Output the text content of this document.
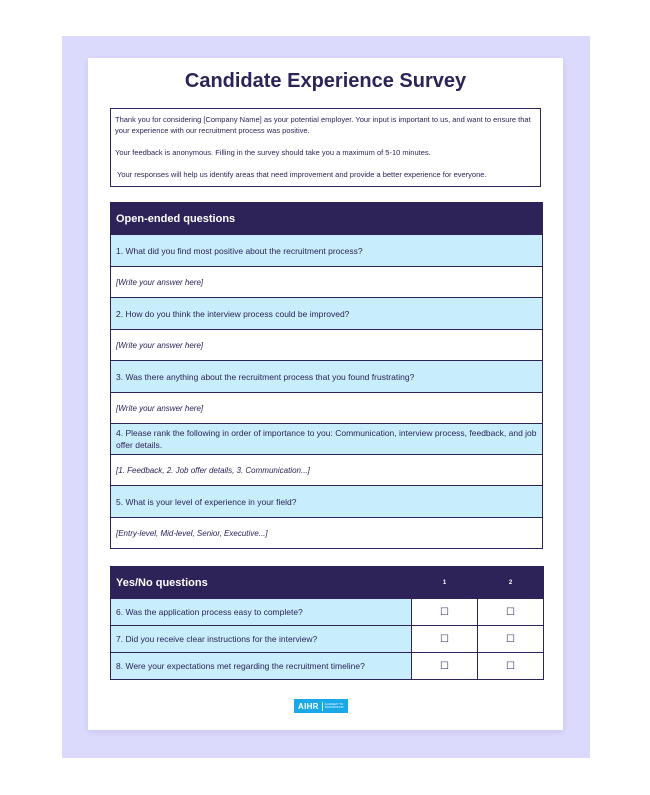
Candidate Experience Survey

Thank you for considering [Company Name] as your potential employer. Your input is important to us, and want to ensure that your experience with our recruitment process was positive.

Your feedback is anonymous. Filling in the survey should take you a maximum of 5-10 minutes.

Your responses will help us identify areas that need improvement and provide a better experience for everyone.

Open-ended questions
1. What did you find most positive about the recruitment process?
[Write your answer here]
2. How do you think the interview process could be improved?
[Write your answer here]
3. Was there anything about the recruitment process that you found frustrating?
[Write your answer here]
4. Please rank the following in order of importance to you: Communication, interview process, feedback, and job offer details.
[1. Feedback, 2. Job offer details, 3. Communication...]
5. What is your level of experience in your field?
[Entry-level, Mid-level, Senior, Executive...]
Yes/No questions	1	2
6. Was the application process easy to complete?	☐	☐
7. Did you receive clear instructions for the interview?	☐	☐
8. Were your expectations met regarding the recruitment timeline?	☐	☐
AIHR	ACADEMY TO INNOVATE HR
